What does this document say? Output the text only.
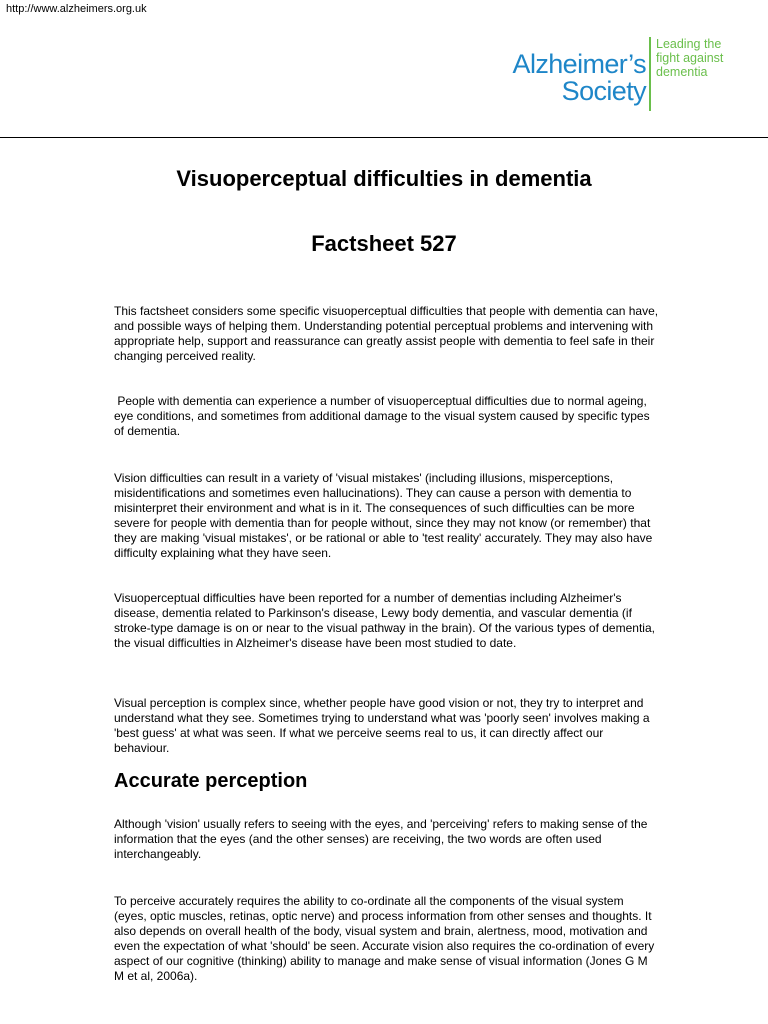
http://www.alzheimers.org.uk
Alzheimer’s
Society
Leading the
fight against
dementia
Visuoperceptual difficulties in dementia
Factsheet 527

This factsheet considers some specific visuoperceptual difficulties that people with dementia can have, and possible ways of helping them. Understanding potential perceptual problems and intervening with appropriate help, support and reassurance can greatly assist people with dementia to feel safe in their changing perceived reality.

People with dementia can experience a number of visuoperceptual difficulties due to normal ageing, eye conditions, and sometimes from additional damage to the visual system caused by specific types of dementia.

Vision difficulties can result in a variety of 'visual mistakes' (including illusions, misperceptions, misidentifications and sometimes even hallucinations). They can cause a person with dementia to misinterpret their environment and what is in it. The consequences of such difficulties can be more severe for people with dementia than for people without, since they may not know (or remember) that they are making 'visual mistakes', or be rational or able to 'test reality' accurately. They may also have difficulty explaining what they have seen.

Visuoperceptual difficulties have been reported for a number of dementias including Alzheimer's disease, dementia related to Parkinson's disease, Lewy body dementia, and vascular dementia (if stroke-type damage is on or near to the visual pathway in the brain). Of the various types of dementia, the visual difficulties in Alzheimer's disease have been most studied to date.

Visual perception is complex since, whether people have good vision or not, they try to interpret and understand what they see. Sometimes trying to understand what was 'poorly seen' involves making a 'best guess' at what was seen. If what we perceive seems real to us, it can directly affect our behaviour.

Accurate perception

Although 'vision' usually refers to seeing with the eyes, and 'perceiving' refers to making sense of the information that the eyes (and the other senses) are receiving, the two words are often used interchangeably.

To perceive accurately requires the ability to co-ordinate all the components of the visual system (eyes, optic muscles, retinas, optic nerve) and process information from other senses and thoughts. It also depends on overall health of the body, visual system and brain, alertness, mood, motivation and even the expectation of what 'should' be seen. Accurate vision also requires the co-ordination of every aspect of our cognitive (thinking) ability to manage and make sense of visual information (Jones G M M et al, 2006a).
